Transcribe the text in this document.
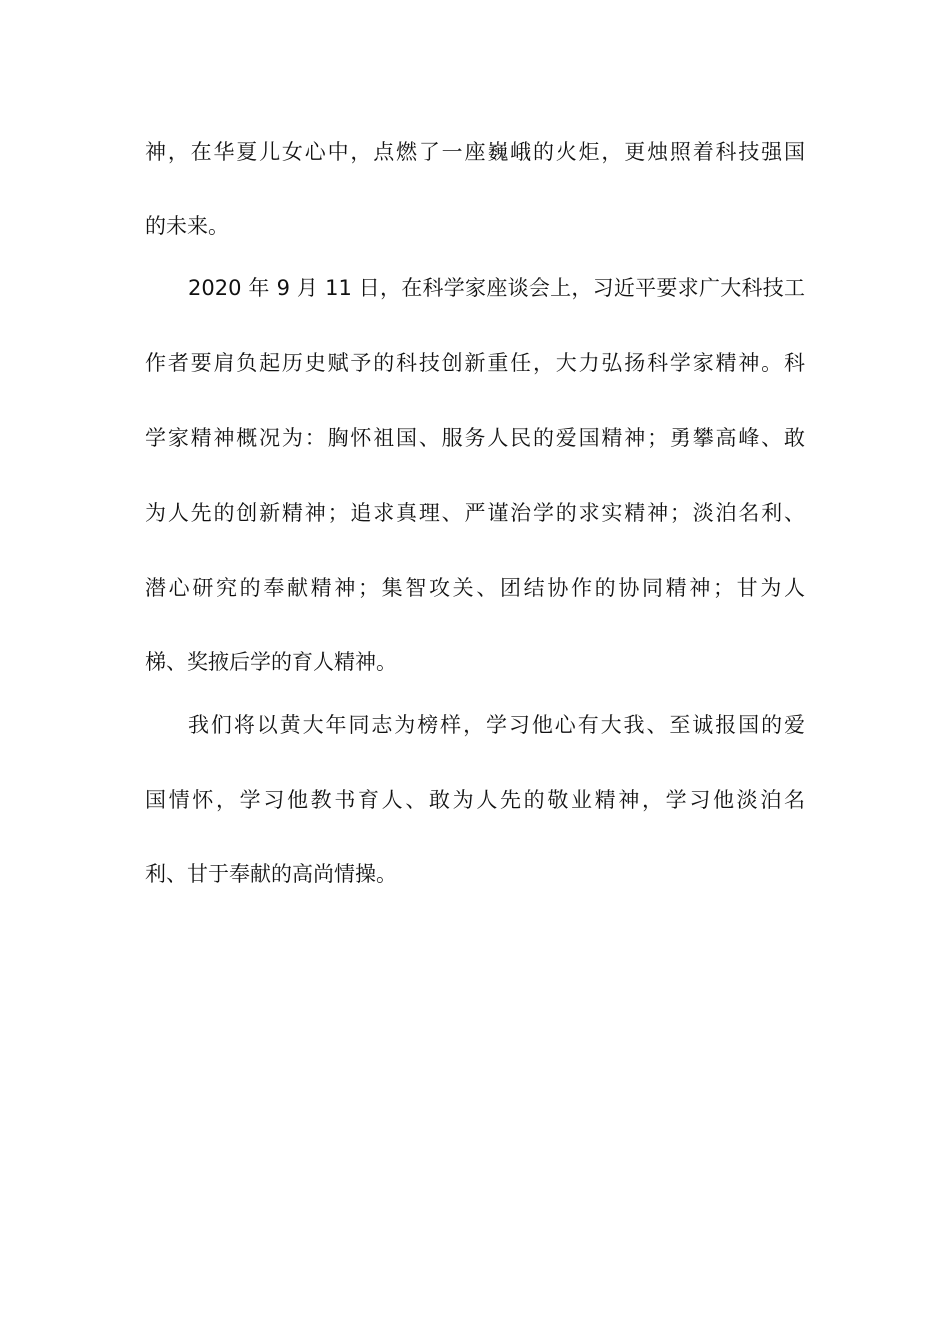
神，在华夏儿女心中，点燃了一座巍峨的火炬，更烛照着科技强国
的未来。
2020 年 9 月 11 日，在科学家座谈会上，习近平要求广大科技工
作者要肩负起历史赋予的科技创新重任，大力弘扬科学家精神。科
学家精神概况为：胸怀祖国、服务人民的爱国精神；勇攀高峰、敢
为人先的创新精神；追求真理、严谨治学的求实精神；淡泊名利、
潜心研究的奉献精神；集智攻关、团结协作的协同精神；甘为人
梯、奖掖后学的育人精神。
我们将以黄大年同志为榜样，学习他心有大我、至诚报国的爱
国情怀，学习他教书育人、敢为人先的敬业精神，学习他淡泊名
利、甘于奉献的高尚情操。
